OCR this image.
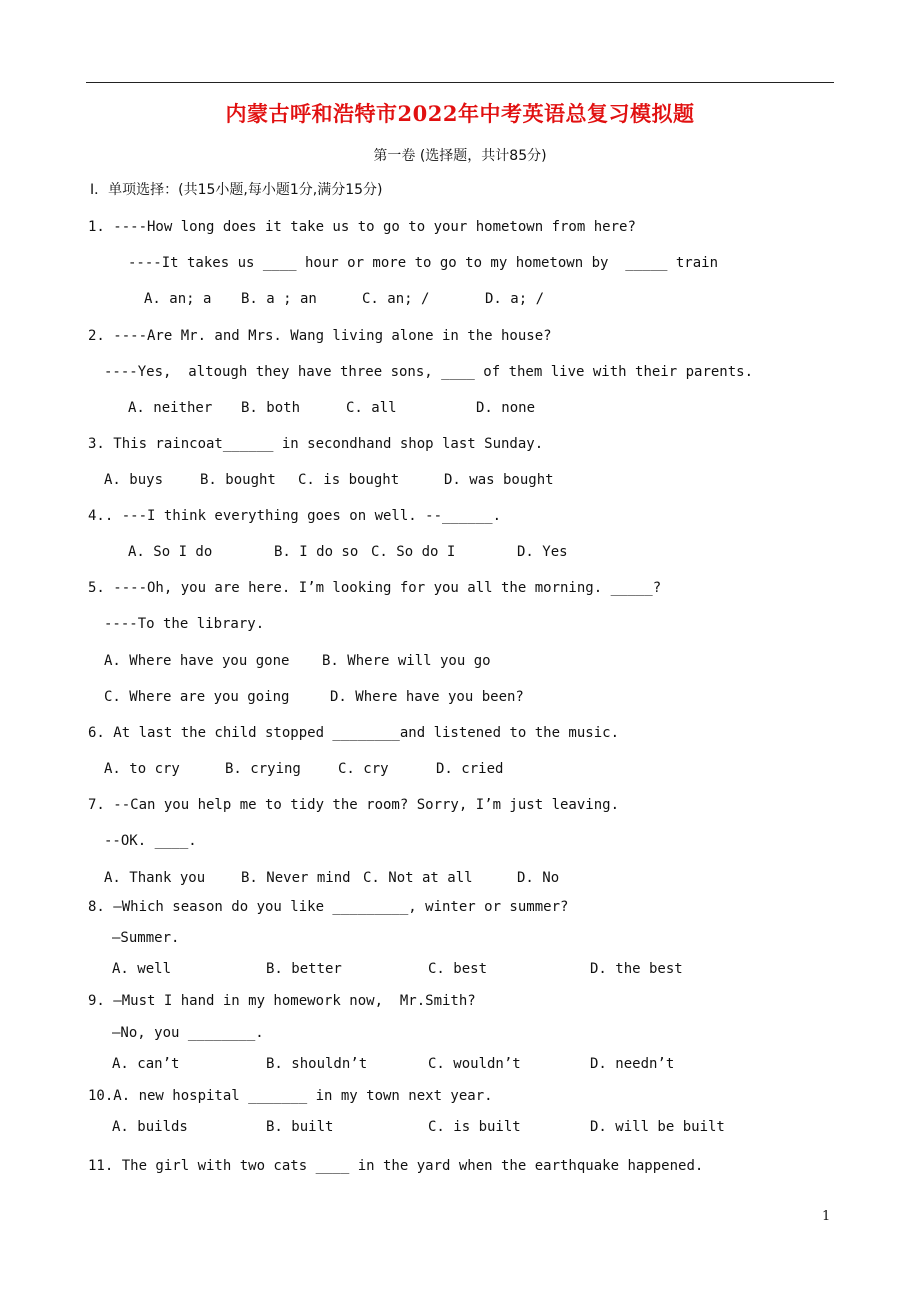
内蒙古呼和浩特市2022年中考英语总复习模拟题
第一卷 (选择题，共计85分)
I．单项选择：(共15小题,每小题1分,满分15分)
1. ----How long does it take us to go to your hometown from here?
----It takes us ____ hour or more to go to my hometown by  _____ train
A. an; a B. a ; an	C. an; /	D. a; /
2. ----Are Mr. and Mrs. Wang living alone in the house?
----Yes,  altough they have three sons, ____ of them live with their parents.
A. neither B. both	C. all	D. none
3. This raincoat______ in secondhand shop last Sunday.
A. buys	B. bought C. is bought	D. was bought
4.. ---I think everything goes on well. --______.
A. So I do	B. I do so C. So do I	D. Yes
5. ----Oh, you are here. I’m looking for you all the morning. _____?
----To the library.
A. Where have you gone B. Where will you go
C. Where are you going	D. Where have you been?
6. At last the child stopped ________and listened to the music.
A. to cry	B. crying	C. cry	D. cried
7. --Can you help me to tidy the room? Sorry, I’m just leaving.
--OK. ____.
A. Thank you	B. Never mind C. Not at all	D. No
8. —Which season do you like _________, winter or summer?
—Summer.
A. well	B. better	C. best	D. the best
9. —Must I hand in my homework now,  Mr.Smith?
—No, you ________.
A. can’t	B. shouldn’t	C. wouldn’t	D. needn’t
10.A. new hospital _______ in my town next year.
A. builds	B. built	C. is built	D. will be built
11. The girl with two cats ____ in the yard when the earthquake happened.
1
